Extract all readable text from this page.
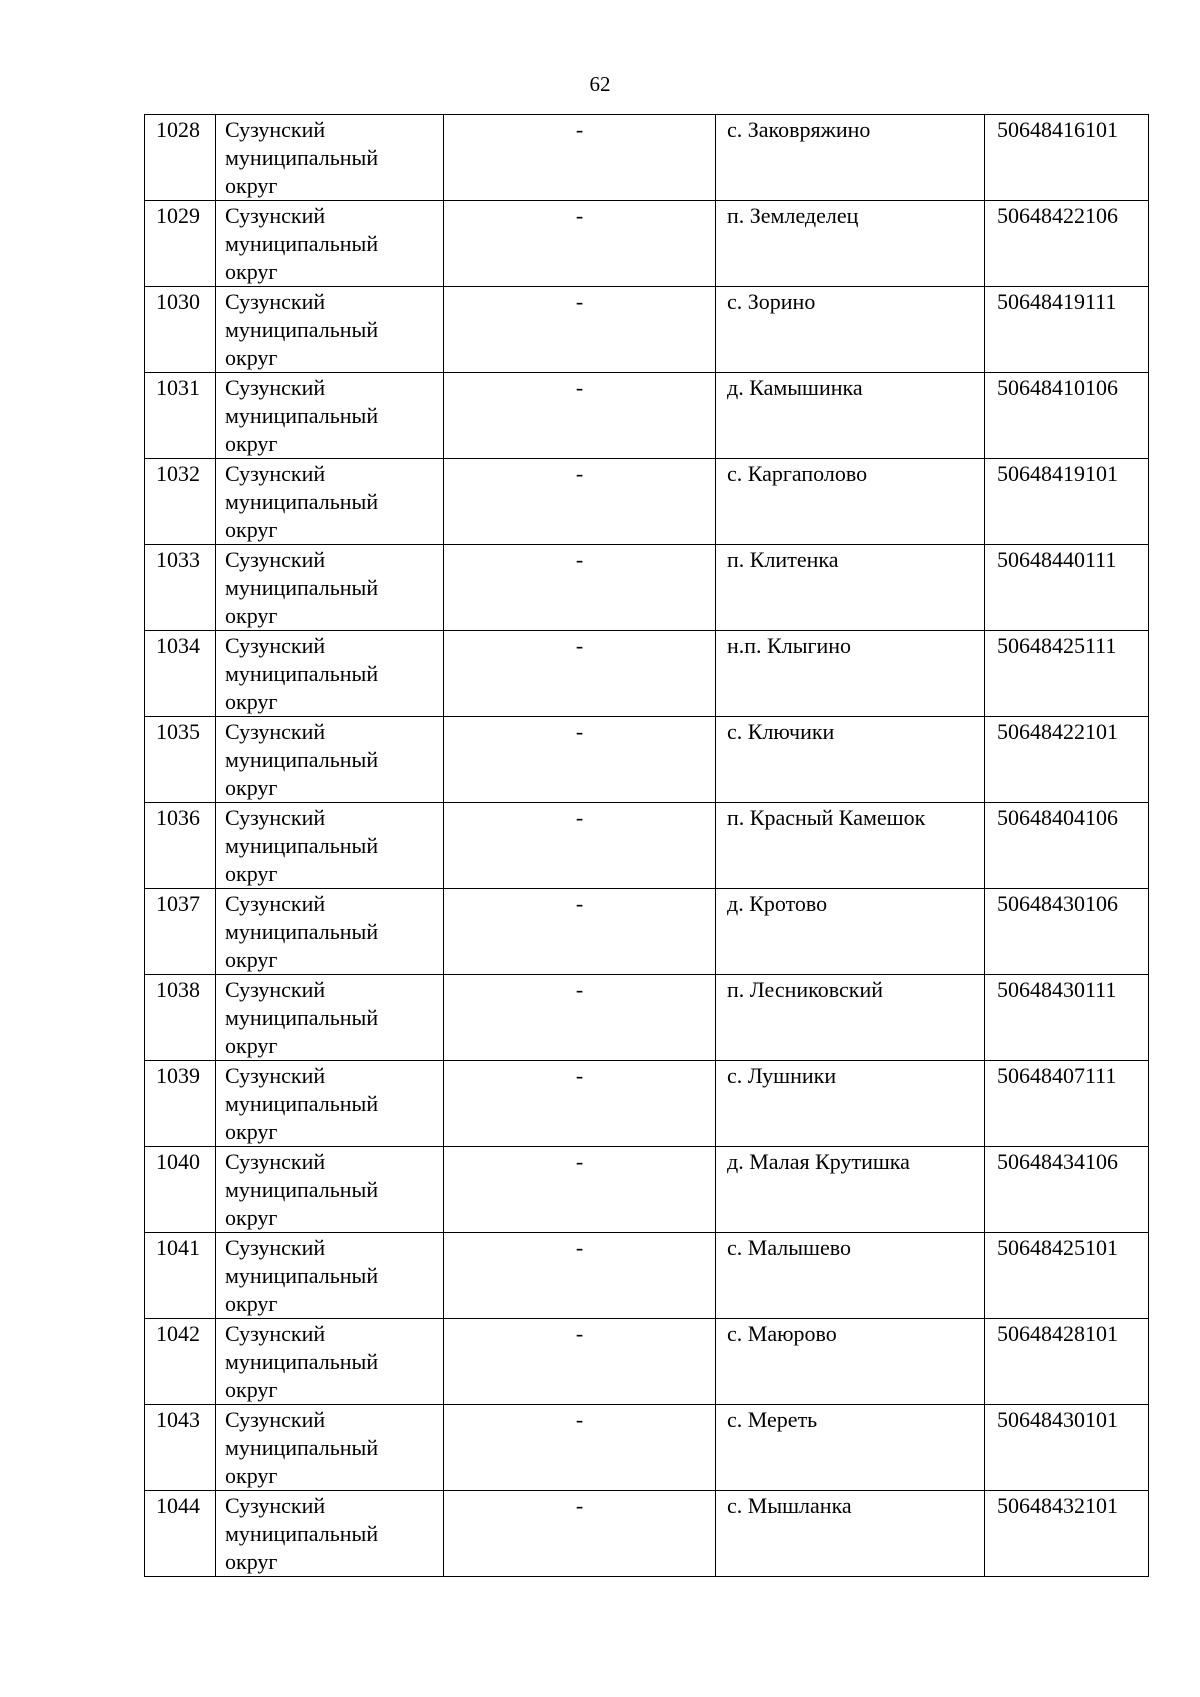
62
1028	Сузунский
муниципальный
округ	-	с. Заковряжино	50648416101

1029	Сузунский
муниципальный
округ	-	п. Земледелец	50648422106

1030	Сузунский
муниципальный
округ	-	с. Зорино	50648419111

1031	Сузунский
муниципальный
округ	-	д. Камышинка	50648410106

1032	Сузунский
муниципальный
округ	-	с. Каргаполово	50648419101

1033	Сузунский
муниципальный
округ	-	п. Клитенка	50648440111

1034	Сузунский
муниципальный
округ	-	н.п. Клыгино	50648425111

1035	Сузунский
муниципальный
округ	-	с. Ключики	50648422101

1036	Сузунский
муниципальный
округ	-	п. Красный Камешок	50648404106

1037	Сузунский
муниципальный
округ	-	д. Кротово	50648430106

1038	Сузунский
муниципальный
округ	-	п. Лесниковский	50648430111

1039	Сузунский
муниципальный
округ	-	с. Лушники	50648407111

1040	Сузунский
муниципальный
округ	-	д. Малая Крутишка	50648434106

1041	Сузунский
муниципальный
округ	-	с. Малышево	50648425101

1042	Сузунский
муниципальный
округ	-	с. Маюрово	50648428101

1043	Сузунский
муниципальный
округ	-	с. Мереть	50648430101

1044	Сузунский
муниципальный
округ	-	с. Мышланка	50648432101
